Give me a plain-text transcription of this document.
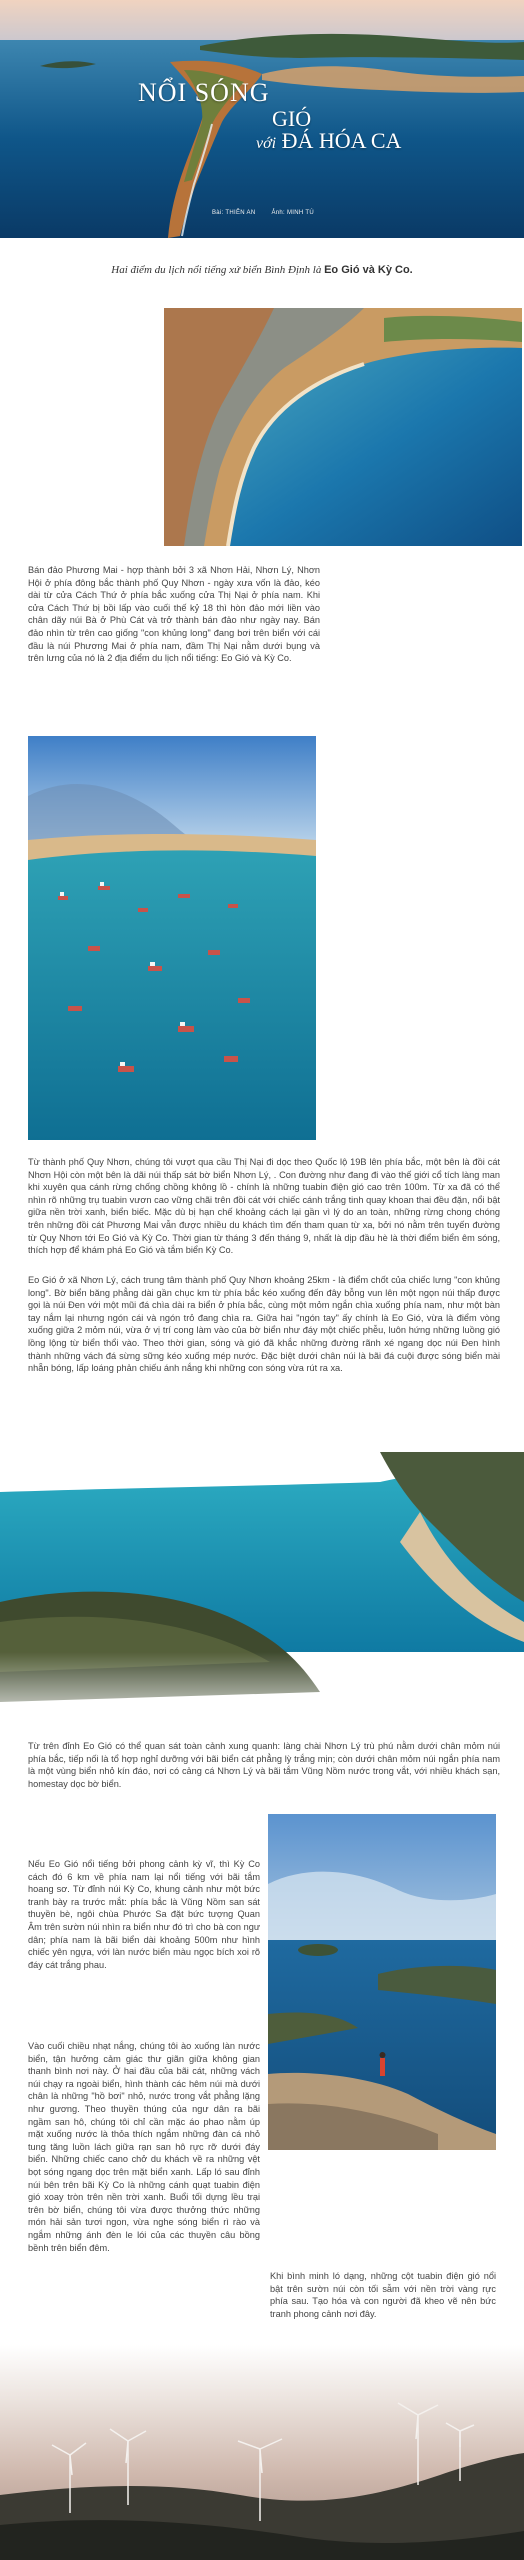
NỔI SÓNG
GIÓ
với ĐÁ HÓA CA
Bài: THIÊN AN	Ảnh: MINH TÚ
Hai điểm du lịch nổi tiếng xứ biển Bình Định là Eo Gió và Kỳ Co.
Bán đảo Phương Mai - hợp thành bởi 3 xã Nhơn Hải, Nhơn Lý, Nhơn Hội ở phía đông bắc thành phố Quy Nhơn - ngày xưa vốn là đảo, kéo dài từ cửa Cách Thứ ở phía bắc xuống cửa Thị Nại ở phía nam. Khi cửa Cách Thứ bị bồi lấp vào cuối thế kỷ 18 thì hòn đảo mới liền vào chân dãy núi Bà ở Phù Cát và trở thành bán đảo như ngày nay. Bán đảo nhìn từ trên cao giống "con khủng long" đang bơi trên biển với cái đầu là núi Phương Mai ở phía nam, đầm Thị Nại nằm dưới bụng và trên lưng của nó là 2 địa điểm du lịch nổi tiếng: Eo Gió và Kỳ Co.
Từ thành phố Quy Nhơn, chúng tôi vượt qua cầu Thị Nại đi dọc theo Quốc lộ 19B lên phía bắc, một bên là đồi cát Nhơn Hội còn một bên là dãi núi thấp sát bờ biển Nhơn Lý, . Con đường như đang đi vào thế giới cổ tích làng man khi xuyên qua cánh rừng chống chồng không lồ - chính là những tuabin điện gió cao trên 100m. Từ xa đã có thể nhìn rõ những trụ tuabin vươn cao vững chãi trên đồi cát với chiếc cánh trắng tinh quay khoan thai đều đặn, nổi bật giữa nền trời xanh, biển biếc. Mặc dù bị hạn chế khoảng cách lại gần vì lý do an toàn, những rừng chong chóng trên những đồi cát Phương Mai vẫn được nhiều du khách tìm đến tham quan từ xa, bởi nó nằm trên tuyến đường từ Quy Nhơn tới Eo Gió và Kỳ Co. Thời gian từ tháng 3 đến tháng 9, nhất là dịp đầu hè là thời điểm biển êm sóng, thích hợp để khám phá Eo Gió và tắm biển Kỳ Co.
Eo Gió ở xã Nhơn Lý, cách trung tâm thành phố Quy Nhơn khoảng 25km - là điểm chốt của chiếc lưng "con khủng long". Bờ biển băng phẳng dài gần chục km từ phía bắc kéo xuống đến đây bỗng vun lên một ngọn núi thấp được gọi là núi Đen với một mũi đá chìa dài ra biển ở phía bắc, cùng một mỏm ngắn chìa xuống phía nam, như một bàn tay nắm lại nhưng ngón cái và ngón trỏ đang chìa ra. Giữa hai "ngón tay" ấy chính là Eo Gió, vừa là điểm vòng xuống giữa 2 mỏm núi, vừa ở vị trí cong làm vào của bờ biển như đáy một chiếc phễu, luôn hứng những luồng gió lồng lộng từ biển thổi vào. Theo thời gian, sóng và gió đã khắc những đường rãnh xé ngang dọc núi Đen hình thành những vách đá sừng sững kéo xuống mép nước. Đặc biệt dưới chân núi là bãi đá cuội được sóng biển mài nhẵn bóng, lấp loáng phản chiếu ánh nắng khi những con sóng vừa rút ra xa.
Từ trên đỉnh Eo Gió có thể quan sát toàn cảnh xung quanh: làng chài Nhơn Lý trù phú nằm dưới chân mỏm núi phía bắc, tiếp nối là tổ hợp nghỉ dưỡng với bãi biển cát phẳng lỳ trắng mịn; còn dưới chân mỏm núi ngắn phía nam là một vùng biển nhỏ kín đáo, nơi có cảng cá Nhơn Lý và bãi tắm Vũng Nồm nước trong vắt, với nhiều khách sạn, homestay dọc bờ biển.
Nếu Eo Gió nổi tiếng bởi phong cảnh kỳ vĩ, thì Kỳ Co cách đó 6 km về phía nam lại nổi tiếng với bãi tắm hoang sơ. Từ đỉnh núi Kỳ Co, khung cảnh như một bức tranh bày ra trước mắt: phía bắc là Vũng Nồm san sát thuyền bè, ngôi chùa Phước Sa đặt bức tượng Quan Âm trên sườn núi nhìn ra biển như đó trì cho bà con ngư dân; phía nam là bãi biển dài khoảng 500m như hình chiếc yên ngựa, với làn nước biển màu ngọc bích xoi rõ đáy cát trắng phau.
Vào cuối chiều nhạt nắng, chúng tôi ào xuống làn nước biển, tận hưởng cảm giác thư giãn giữa không gian thanh bình nơi này. Ở hai đầu của bãi cát, những vách núi chạy ra ngoài biển, hình thành các hêm núi mà dưới chân là những "hồ bơi" nhỏ, nước trong vắt phẳng lặng như gương. Theo thuyền thúng của ngư dân ra bãi ngầm san hô, chúng tôi chỉ cần mặc áo phao nằm úp mặt xuống nước là thỏa thích ngắm những đàn cá nhỏ tung tăng luồn lách giữa rạn san hô rực rỡ dưới đáy biển. Những chiếc cano chở du khách về ra những vệt bọt sóng ngang dọc trên mặt biển xanh. Lấp ló sau đỉnh núi bên trên bãi Kỳ Co là những cánh quạt tuabin điện gió xoay tròn trên nền trời xanh. Buổi tối dựng lều trại trên bờ biển, chúng tôi vừa được thưởng thức những món hải sản tươi ngon, vừa nghe sóng biển rì rào và ngắm những ánh đèn le lói của các thuyền câu bồng bềnh trên biển đêm.
Khi bình minh ló dạng, những cột tuabin điện gió nổi bật trên sườn núi còn tối sẫm với nền trời vàng rực phía sau. Tạo hóa và con người đã kheo vẽ nên bức tranh phong cảnh nơi đây.
